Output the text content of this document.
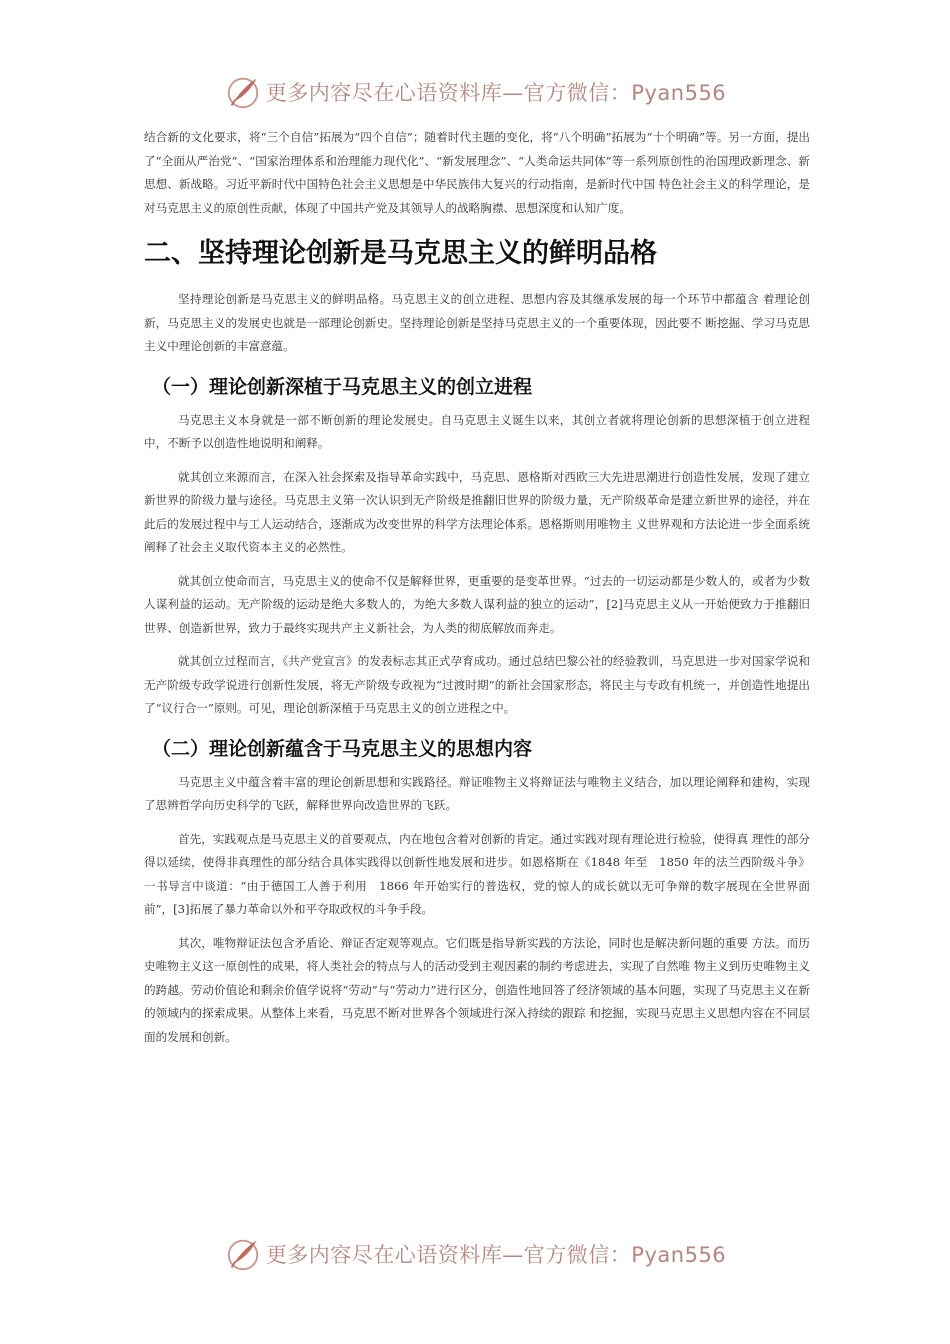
更多内容尽在心语资料库—官方微信：Pyan556

结合新的文化要求，将“三个自信”拓展为“四个自信”；随着时代主题的变化，将“八个明确”拓展为“十个明确”等。另一方面，提出了“全面从严治党”、“国家治理体系和治理能力现代化”、“新发展理念”、“人类命运共同体”等一系列原创性的治国理政新理念、新思想、新战略。习近平新时代中国特色社会主义思想是中华民族伟大复兴的行动指南，是新时代中国 特色社会主义的科学理论，是对马克思主义的原创性贡献，体现了中国共产党及其领导人的战略胸襟、思想深度和认知广度。

二、坚持理论创新是马克思主义的鲜明品格

坚持理论创新是马克思主义的鲜明品格。马克思主义的创立进程、思想内容及其继承发展的每一个环节中都蕴含 着理论创新，马克思主义的发展史也就是一部理论创新史。坚持理论创新是坚持马克思主义的一个重要体现，因此要不 断挖掘、学习马克思主义中理论创新的丰富意蕴。

（一）理论创新深植于马克思主义的创立进程

马克思主义本身就是一部不断创新的理论发展史。自马克思主义诞生以来，其创立者就将理论创新的思想深植于创立进程中，不断予以创造性地说明和阐释。

就其创立来源而言，在深入社会探索及指导革命实践中，马克思、恩格斯对西欧三大先进思潮进行创造性发展，发现了建立新世界的阶级力量与途径。马克思主义第一次认识到无产阶级是推翻旧世界的阶级力量，无产阶级革命是建立新世界的途径，并在此后的发展过程中与工人运动结合，逐渐成为改变世界的科学方法理论体系。恩格斯则用唯物主 义世界观和方法论进一步全面系统阐释了社会主义取代资本主义的必然性。

就其创立使命而言，马克思主义的使命不仅是解释世界，更重要的是变革世界。“过去的一切运动都是少数人的，或者为少数人谋利益的运动。无产阶级的运动是绝大多数人的，为绝大多数人谋利益的独立的运动”，[2]马克思主义从一开始便致力于推翻旧世界、创造新世界，致力于最终实现共产主义新社会，为人类的彻底解放而奔走。

就其创立过程而言，《共产党宣言》的发表标志其正式孕育成功。通过总结巴黎公社的经验教训，马克思进一步对国家学说和无产阶级专政学说进行创新性发展，将无产阶级专政视为“过渡时期”的新社会国家形态，将民主与专政有机统一，并创造性地提出了“议行合一”原则。可见，理论创新深植于马克思主义的创立进程之中。

（二）理论创新蕴含于马克思主义的思想内容

马克思主义中蕴含着丰富的理论创新思想和实践路径。辩证唯物主义将辩证法与唯物主义结合，加以理论阐释和建构，实现了思辨哲学向历史科学的飞跃，解释世界向改造世界的飞跃。

首先，实践观点是马克思主义的首要观点，内在地包含着对创新的肯定。通过实践对现有理论进行检验，使得真 理性的部分得以延续，使得非真理性的部分结合具体实践得以创新性地发展和进步。如恩格斯在《1848 年至　1850 年的法兰西阶级斗争》一书导言中谈道：“由于德国工人善于利用　1866 年开始实行的普选权，党的惊人的成长就以无可争辩的数字展现在全世界面前”，[3]拓展了暴力革命以外和平夺取政权的斗争手段。

其次，唯物辩证法包含矛盾论、辩证否定观等观点。它们既是指导新实践的方法论，同时也是解决新问题的重要 方法。而历史唯物主义这一原创性的成果，将人类社会的特点与人的活动受到主观因素的制约考虑进去，实现了自然唯 物主义到历史唯物主义的跨越。劳动价值论和剩余价值学说将“劳动”与“劳动力”进行区分，创造性地回答了经济领域的基本问题，实现了马克思主义在新的领域内的探索成果。从整体上来看，马克思不断对世界各个领域进行深入持续的跟踪 和挖掘，实现马克思主义思想内容在不同层面的发展和创新。

更多内容尽在心语资料库—官方微信：Pyan556
